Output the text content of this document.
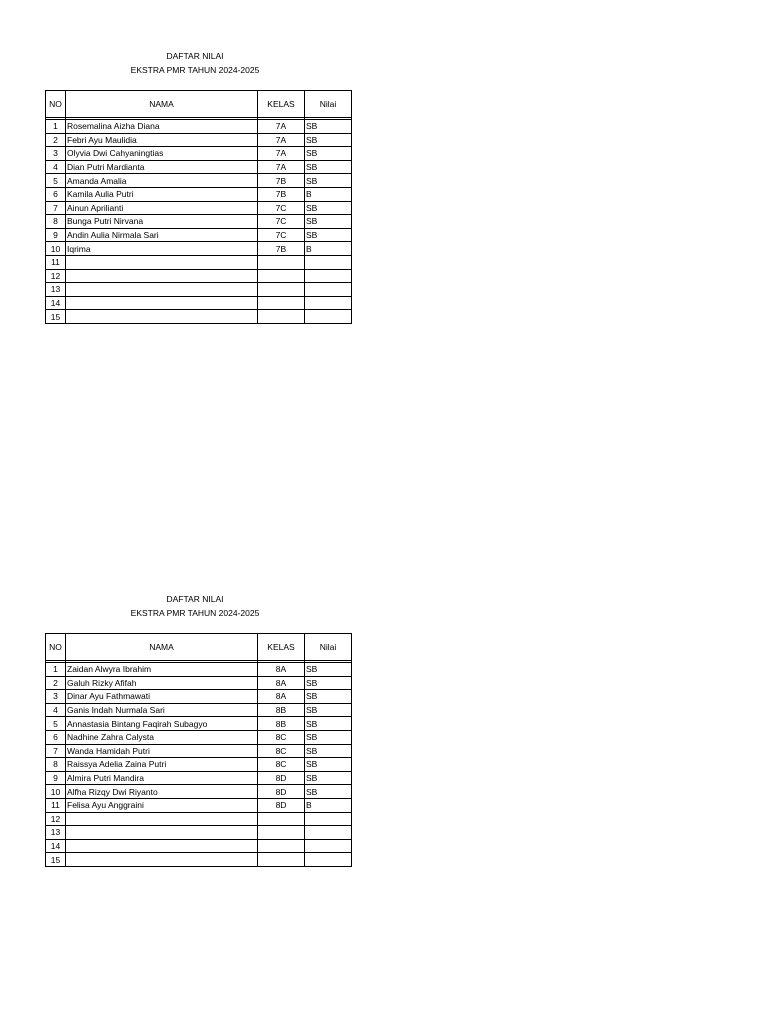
DAFTAR NILAI
EKSTRA PMR TAHUN 2024-2025
NO	NAMA	KELAS	Nilai

1	Rosemalina Aizha Diana	7A	SB
2	Febri Ayu Maulidia	7A	SB
3	Olyvia Dwi Cahyaningtias	7A	SB
4	Dian Putri Mardianta	7A	SB
5	Amanda Amalia	7B	SB
6	Kamila Aulia Putri	7B	B
7	Ainun Aprilianti	7C	SB
8	Bunga Putri Nirvana	7C	SB
9	Andin Aulia Nirmala Sari	7C	SB
10	Iqrima	7B	B
11			
12			
13			
14			
15			
DAFTAR NILAI
EKSTRA PMR TAHUN 2024-2025
NO	NAMA	KELAS	Nilai

1	Zaidan Alwyra Ibrahim	8A	SB
2	Galuh Rizky Afifah	8A	SB
3	Dinar Ayu Fathmawati	8A	SB
4	Ganis Indah Nurmala Sari	8B	SB
5	Annastasia Bintang Faqirah Subagyo	8B	SB
6	Nadhine Zahra Calysta	8C	SB
7	Wanda Hamidah Putri	8C	SB
8	Raissya Adelia Zaina Putri	8C	SB
9	Almira Putri Mandira	8D	SB
10	Alfha Rizqy Dwi Riyanto	8D	SB
11	Felisa Ayu Anggraini	8D	B
12			
13			
14			
15			
